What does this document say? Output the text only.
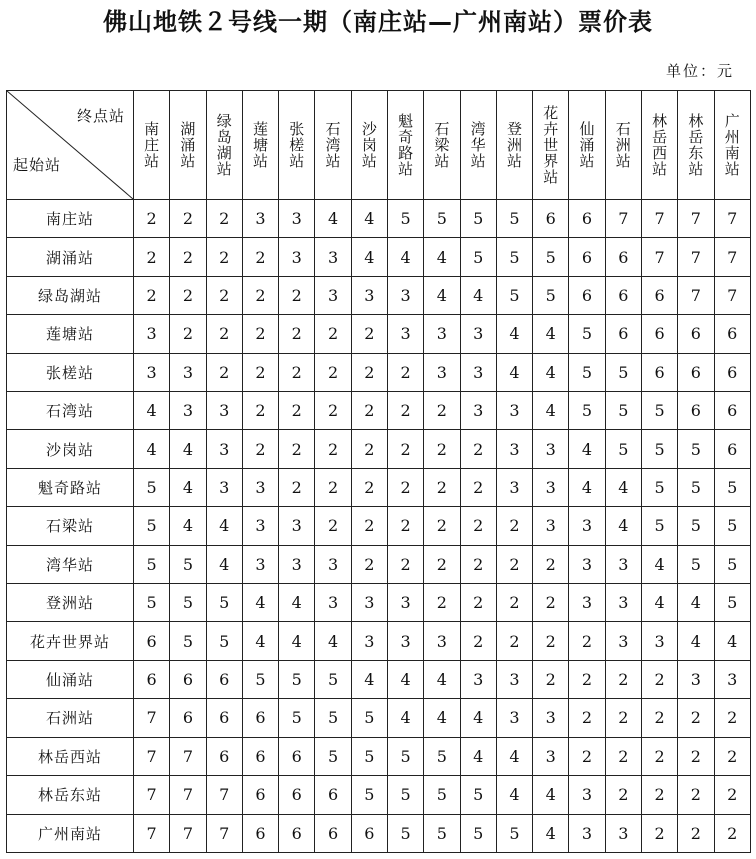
佛山地铁２号线一期（南庄站—广州南站）票价表
单位：元
终点站
起始站	南庄站	湖涌站	绿岛湖站	莲塘站	张槎站	石湾站	沙岗站	魁奇路站	石梁站	湾华站	登洲站	花卉世界站	仙涌站	石洲站	林岳西站	林岳东站	广州南站
南庄站	2	2	2	3	3	4	4	5	5	5	5	6	6	7	7	7	7
湖涌站	2	2	2	2	3	3	4	4	4	5	5	5	6	6	7	7	7
绿岛湖站	2	2	2	2	2	3	3	3	4	4	5	5	6	6	6	7	7
莲塘站	3	2	2	2	2	2	2	3	3	3	4	4	5	6	6	6	6
张槎站	3	3	2	2	2	2	2	2	3	3	4	4	5	5	6	6	6
石湾站	4	3	3	2	2	2	2	2	2	3	3	4	5	5	5	6	6
沙岗站	4	4	3	2	2	2	2	2	2	2	3	3	4	5	5	5	6
魁奇路站	5	4	3	3	2	2	2	2	2	2	3	3	4	4	5	5	5
石梁站	5	4	4	3	3	2	2	2	2	2	2	3	3	4	5	5	5
湾华站	5	5	4	3	3	3	2	2	2	2	2	2	3	3	4	5	5
登洲站	5	5	5	4	4	3	3	3	2	2	2	2	3	3	4	4	5
花卉世界站	6	5	5	4	4	4	3	3	3	2	2	2	2	3	3	4	4
仙涌站	6	6	6	5	5	5	4	4	4	3	3	2	2	2	2	3	3
石洲站	7	6	6	6	5	5	5	4	4	4	3	3	2	2	2	2	2
林岳西站	7	7	6	6	6	5	5	5	5	4	4	3	2	2	2	2	2
林岳东站	7	7	7	6	6	6	5	5	5	5	4	4	3	2	2	2	2
广州南站	7	7	7	6	6	6	6	5	5	5	5	4	3	3	2	2	2
